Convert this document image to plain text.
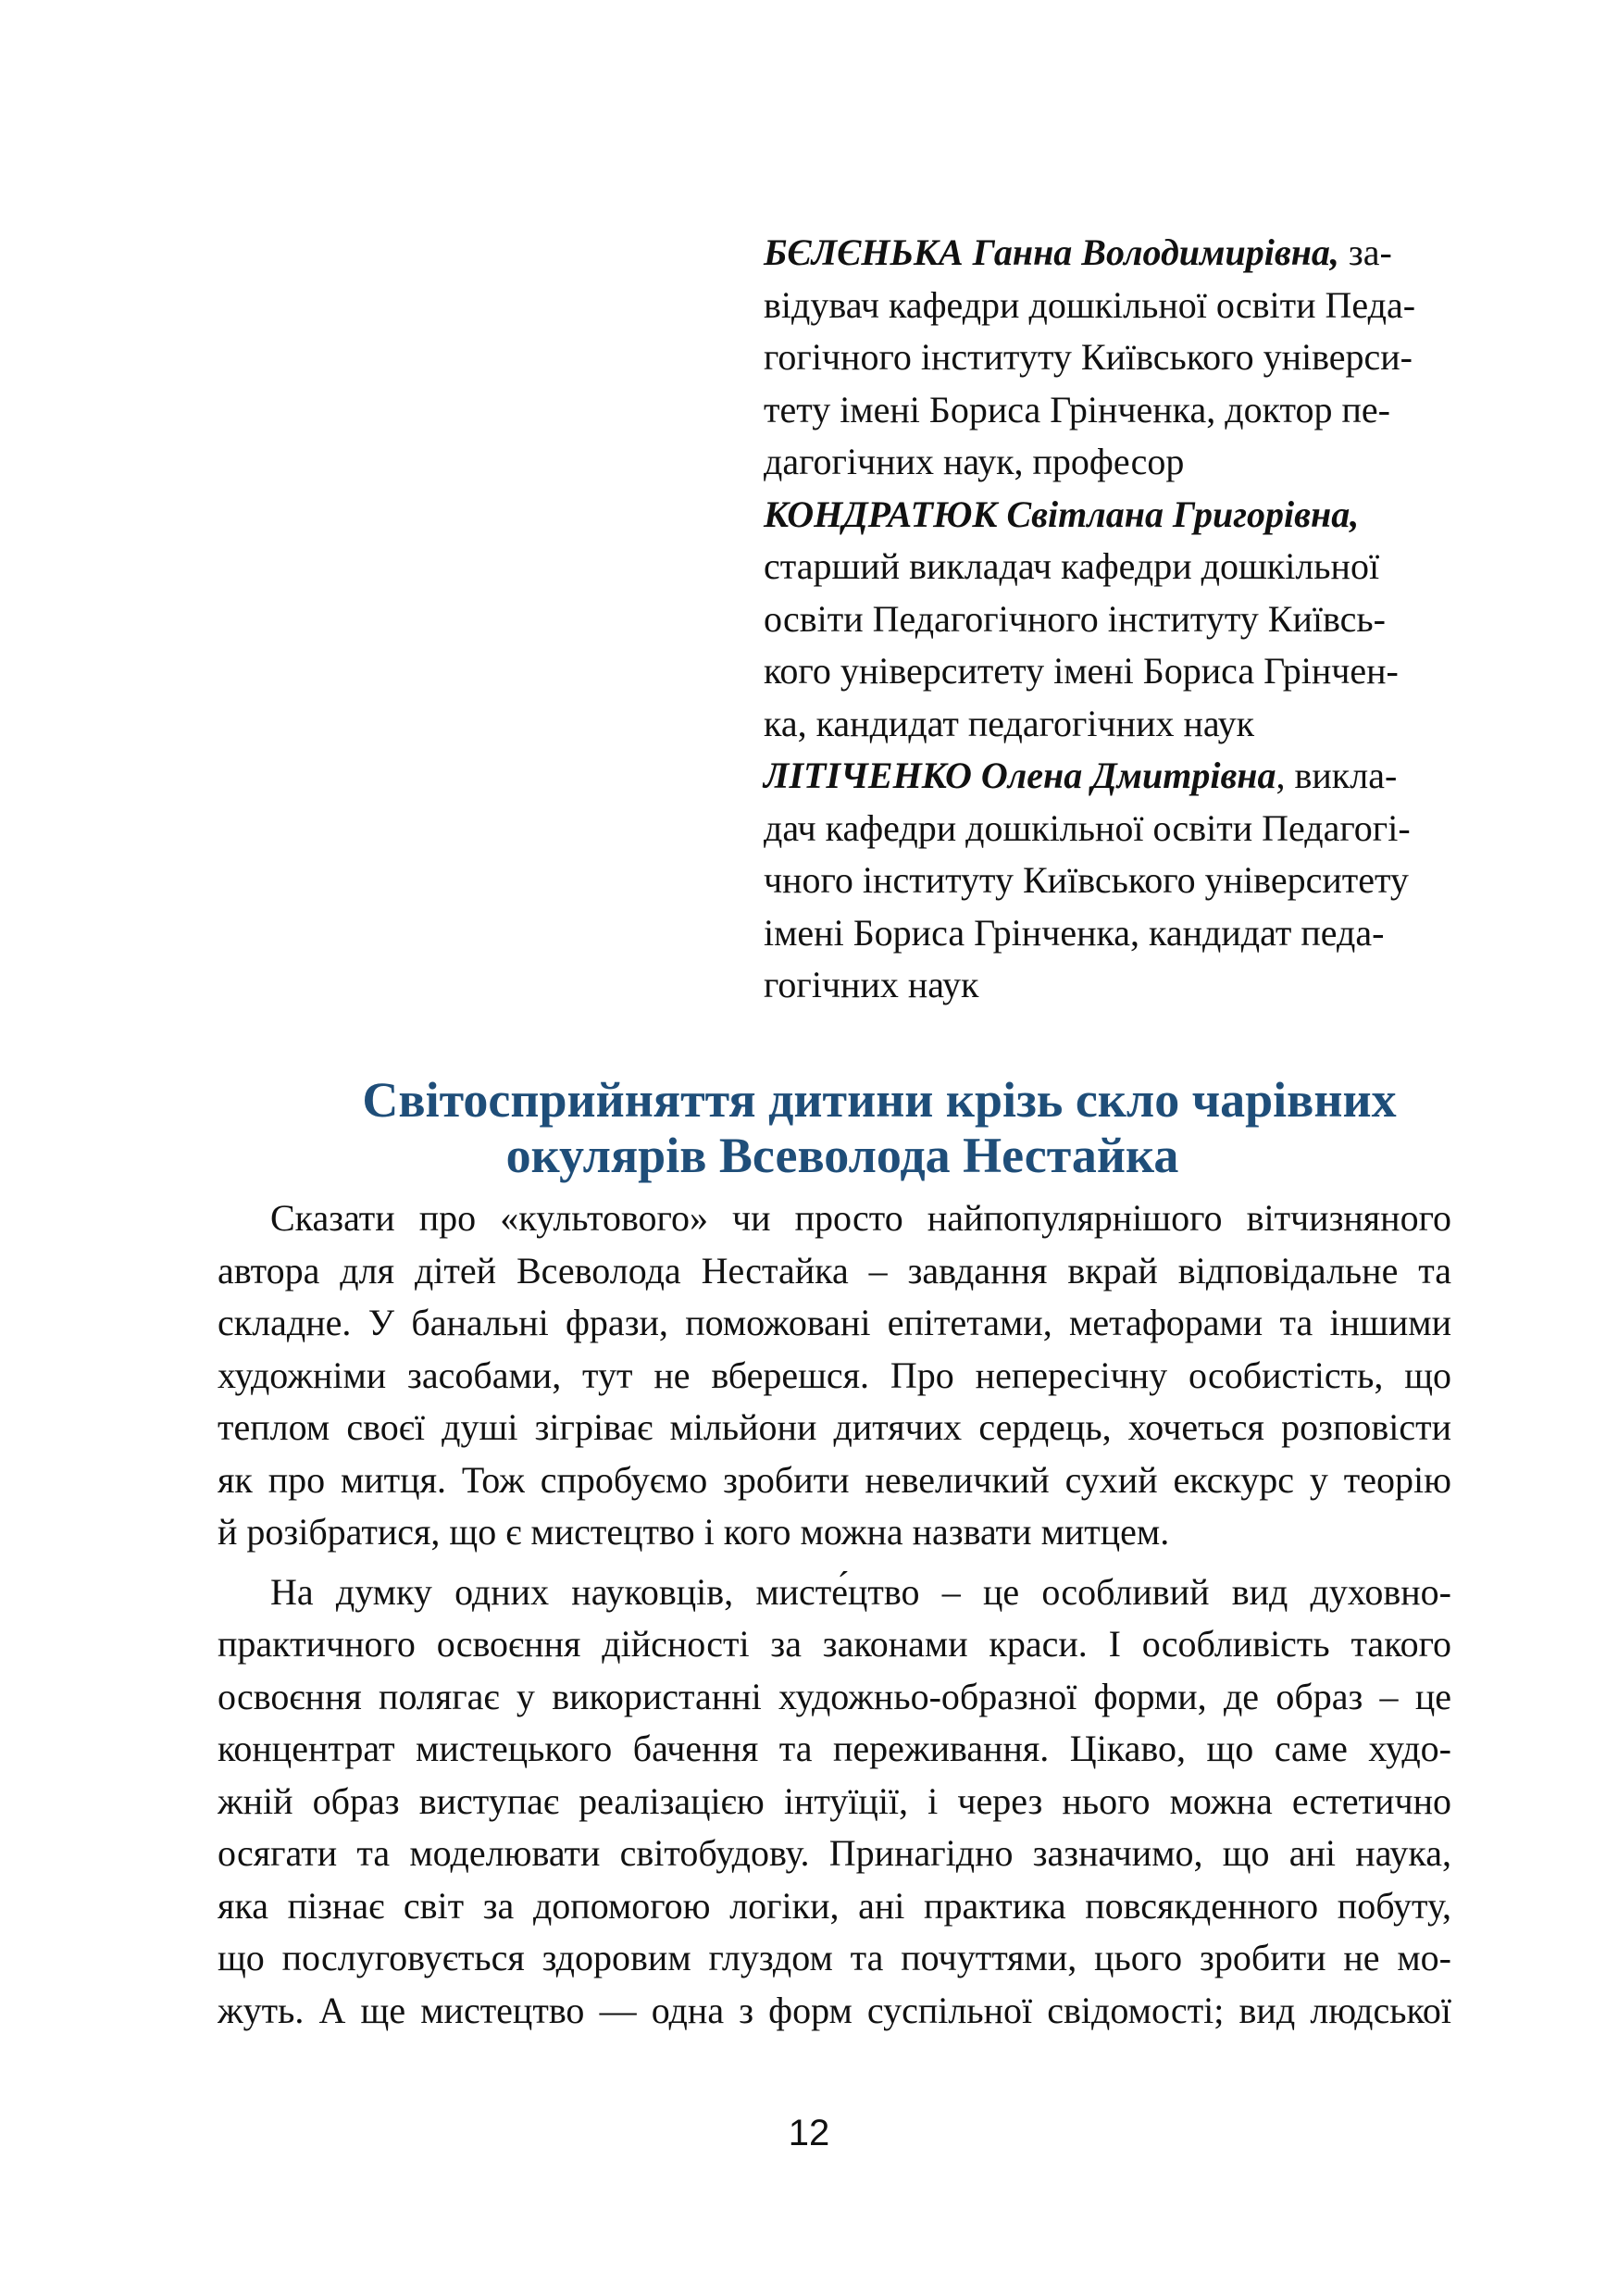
БЄЛЄНЬКА Ганна Володимирівна, за-
відувач кафедри дошкільної освіти Педа-
гогічного інституту Київського універси-
тету імені Бориса Грінченка, доктор пе-
дагогічних наук, професор
КОНДРАТЮК Світлана Григорівна,
старший викладач кафедри дошкільної
освіти Педагогічного інституту Київсь-
кого університету імені Бориса Грінчен-
ка, кандидат педагогічних наук
ЛІТІЧЕНКО Олена Дмитрівна, викла-
дач кафедри дошкільної освіти Педагогі-
чного інституту Київського університету
імені Бориса Грінченка, кандидат педа-
гогічних наук
Світосприйняття дитини крізь скло чарівних
окулярів Всеволода Нестайка
Сказати про «культового» чи просто найпопулярнішого вітчизняного
автора для дітей Всеволода Нестайка – завдання вкрай відповідальне та
складне. У банальні фрази, поможовані епітетами, метафорами та іншими
художніми засобами, тут не вберешся. Про непересічну особистість, що
теплом своєї душі зігріває мільйони дитячих сердець, хочеться розповісти
як про митця. Тож спробуємо зробити невеличкий сухий екскурс у теорію
й розібратися, що є мистецтво і кого можна назвати митцем.
На думку одних науковців, мисте́цтво – це особливий вид духовно-
практичного освоєння дійсності за законами краси. І особливість такого
освоєння полягає у використанні художньо-образної форми, де образ – це
концентрат мистецького бачення та переживання. Цікаво, що саме худо-
жній образ виступає реалізацією інтуїції, і через нього можна естетично
осягати та моделювати світобудову. Принагідно зазначимо, що ані наука,
яка пізнає світ за допомогою логіки, ані практика повсякденного побуту,
що послуговується здоровим глуздом та почуттями, цього зробити не мо-
жуть. А ще мистецтво — одна з форм суспільної свідомості; вид людської
12
